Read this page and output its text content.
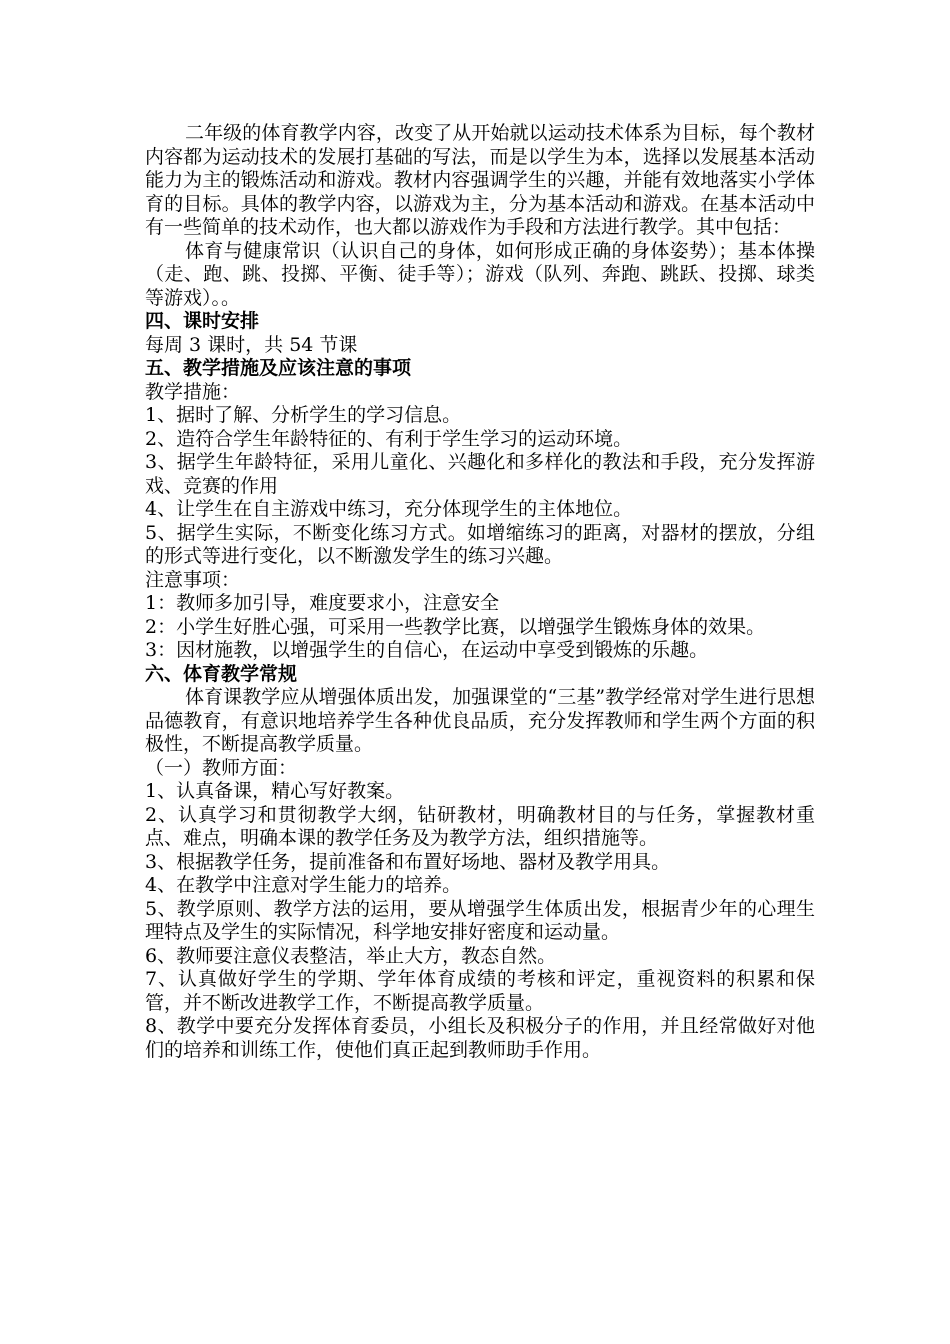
二年级的体育教学内容，改变了从开始就以运动技术体系为目标，每个教材内容都为运动技术的发展打基础的写法，而是以学生为本，选择以发展基本活动能力为主的锻炼活动和游戏。教材内容强调学生的兴趣，并能有效地落实小学体育的目标。具体的教学内容，以游戏为主，分为基本活动和游戏。在基本活动中有一些简单的技术动作，也大都以游戏作为手段和方法进行教学。其中包括：

体育与健康常识（认识自己的身体，如何形成正确的身体姿势）；基本体操（走、跑、跳、投掷、平衡、徒手等）；游戏（队列、奔跑、跳跃、投掷、球类等游戏）。。

四、课时安排

每周 3 课时，共 54 节课

五、教学措施及应该注意的事项

教学措施：

1、据时了解、分析学生的学习信息。

2、造符合学生年龄特征的、有利于学生学习的运动环境。

3、据学生年龄特征，采用儿童化、兴趣化和多样化的教法和手段，充分发挥游戏、竞赛的作用

4、让学生在自主游戏中练习，充分体现学生的主体地位。

5、据学生实际，不断变化练习方式。如增缩练习的距离，对器材的摆放，分组的形式等进行变化，以不断激发学生的练习兴趣。

注意事项：

1：教师多加引导，难度要求小，注意安全

2：小学生好胜心强，可采用一些教学比赛，以增强学生锻炼身体的效果。

3：因材施教，以增强学生的自信心，在运动中享受到锻炼的乐趣。

六、体育教学常规

体育课教学应从增强体质出发，加强课堂的“三基”教学经常对学生进行思想品德教育，有意识地培养学生各种优良品质，充分发挥教师和学生两个方面的积极性，不断提高教学质量。

（一）教师方面：

1、认真备课，精心写好教案。

2、认真学习和贯彻教学大纲，钻研教材，明确教材目的与任务，掌握教材重点、难点，明确本课的教学任务及为教学方法，组织措施等。

3、根据教学任务，提前准备和布置好场地、器材及教学用具。

4、在教学中注意对学生能力的培养。

5、教学原则、教学方法的运用，要从增强学生体质出发，根据青少年的心理生理特点及学生的实际情况，科学地安排好密度和运动量。

6、教师要注意仪表整洁，举止大方，教态自然。

7、认真做好学生的学期、学年体育成绩的考核和评定，重视资料的积累和保管，并不断改进教学工作，不断提高教学质量。

8、教学中要充分发挥体育委员，小组长及积极分子的作用，并且经常做好对他们的培养和训练工作，使他们真正起到教师助手作用。
